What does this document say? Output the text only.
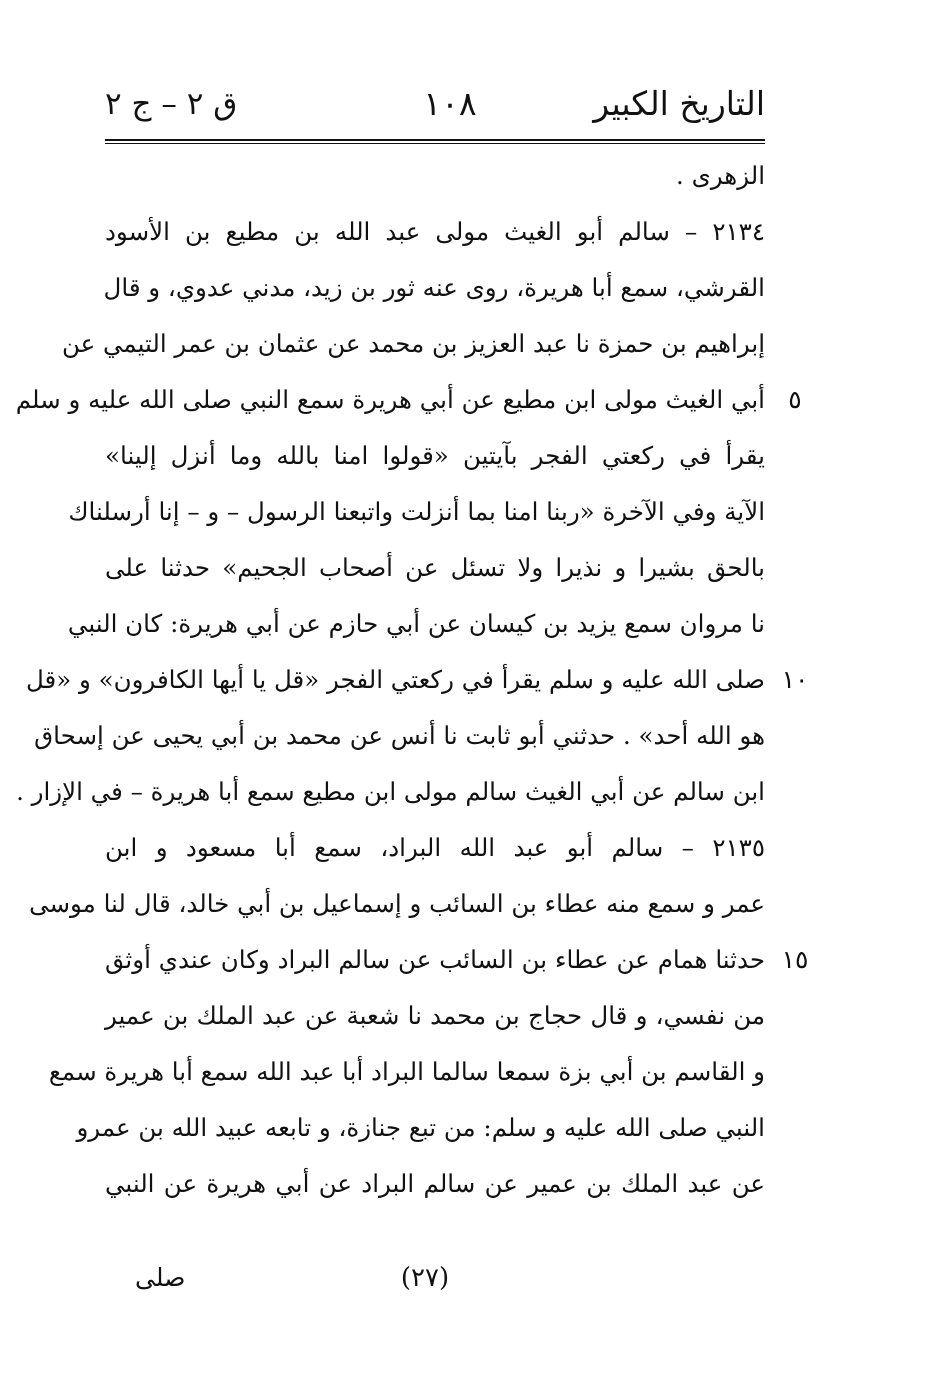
التاريخ الكبير
١٠٨
ق ٢ – ج ٢
الزهری .
٢١٣٤ – سالم أبو الغيث مولى عبد الله بن مطيع بن الأسود
القرشي، سمع أبا هريرة، روى عنه ثور بن زيد، مدني عدوي، و قال
إبراهيم بن حمزة نا عبد العزيز بن محمد عن عثمان بن عمر التيمي عن
أبي الغيث مولى ابن مطيع عن أبي هريرة سمع النبي صلى الله عليه و سلم
يقرأ في ركعتي الفجر بآيتين «قولوا امنا بالله وما أنزل إلينا»
الآية وفي الآخرة «ربنا امنا بما أنزلت واتبعنا الرسول – و – إنا أرسلناك
بالحق بشيرا و نذيرا ولا تسئل عن أصحاب الجحيم» حدثنا على
نا مروان سمع يزيد بن كيسان عن أبي حازم عن أبي هريرة: كان النبي
صلى الله عليه و سلم يقرأ في ركعتي الفجر «قل يا أيها الكافرون» و «قل
هو الله أحد» . حدثني أبو ثابت نا أنس عن محمد بن أبي يحيى عن إسحاق
ابن سالم عن أبي الغيث سالم مولى ابن مطيع سمع أبا هريرة – في الإزار .
٢١٣٥ – سالم أبو عبد الله البراد، سمع أبا مسعود و ابن
عمر و سمع منه عطاء بن السائب و إسماعيل بن أبي خالد، قال لنا موسى
حدثنا همام عن عطاء بن السائب عن سالم البراد وكان عندي أوثق
من نفسي، و قال حجاج بن محمد نا شعبة عن عبد الملك بن عمير
و القاسم بن أبي بزة سمعا سالما البراد أبا عبد الله سمع أبا هريرة سمع
النبي صلى الله عليه و سلم: من تبع جنازة، و تابعه عبيد الله بن عمرو
عن عبد الملك بن عمير عن سالم البراد عن أبي هريرة عن النبي
٥
١٠
١٥
(٢٧)
صلى
